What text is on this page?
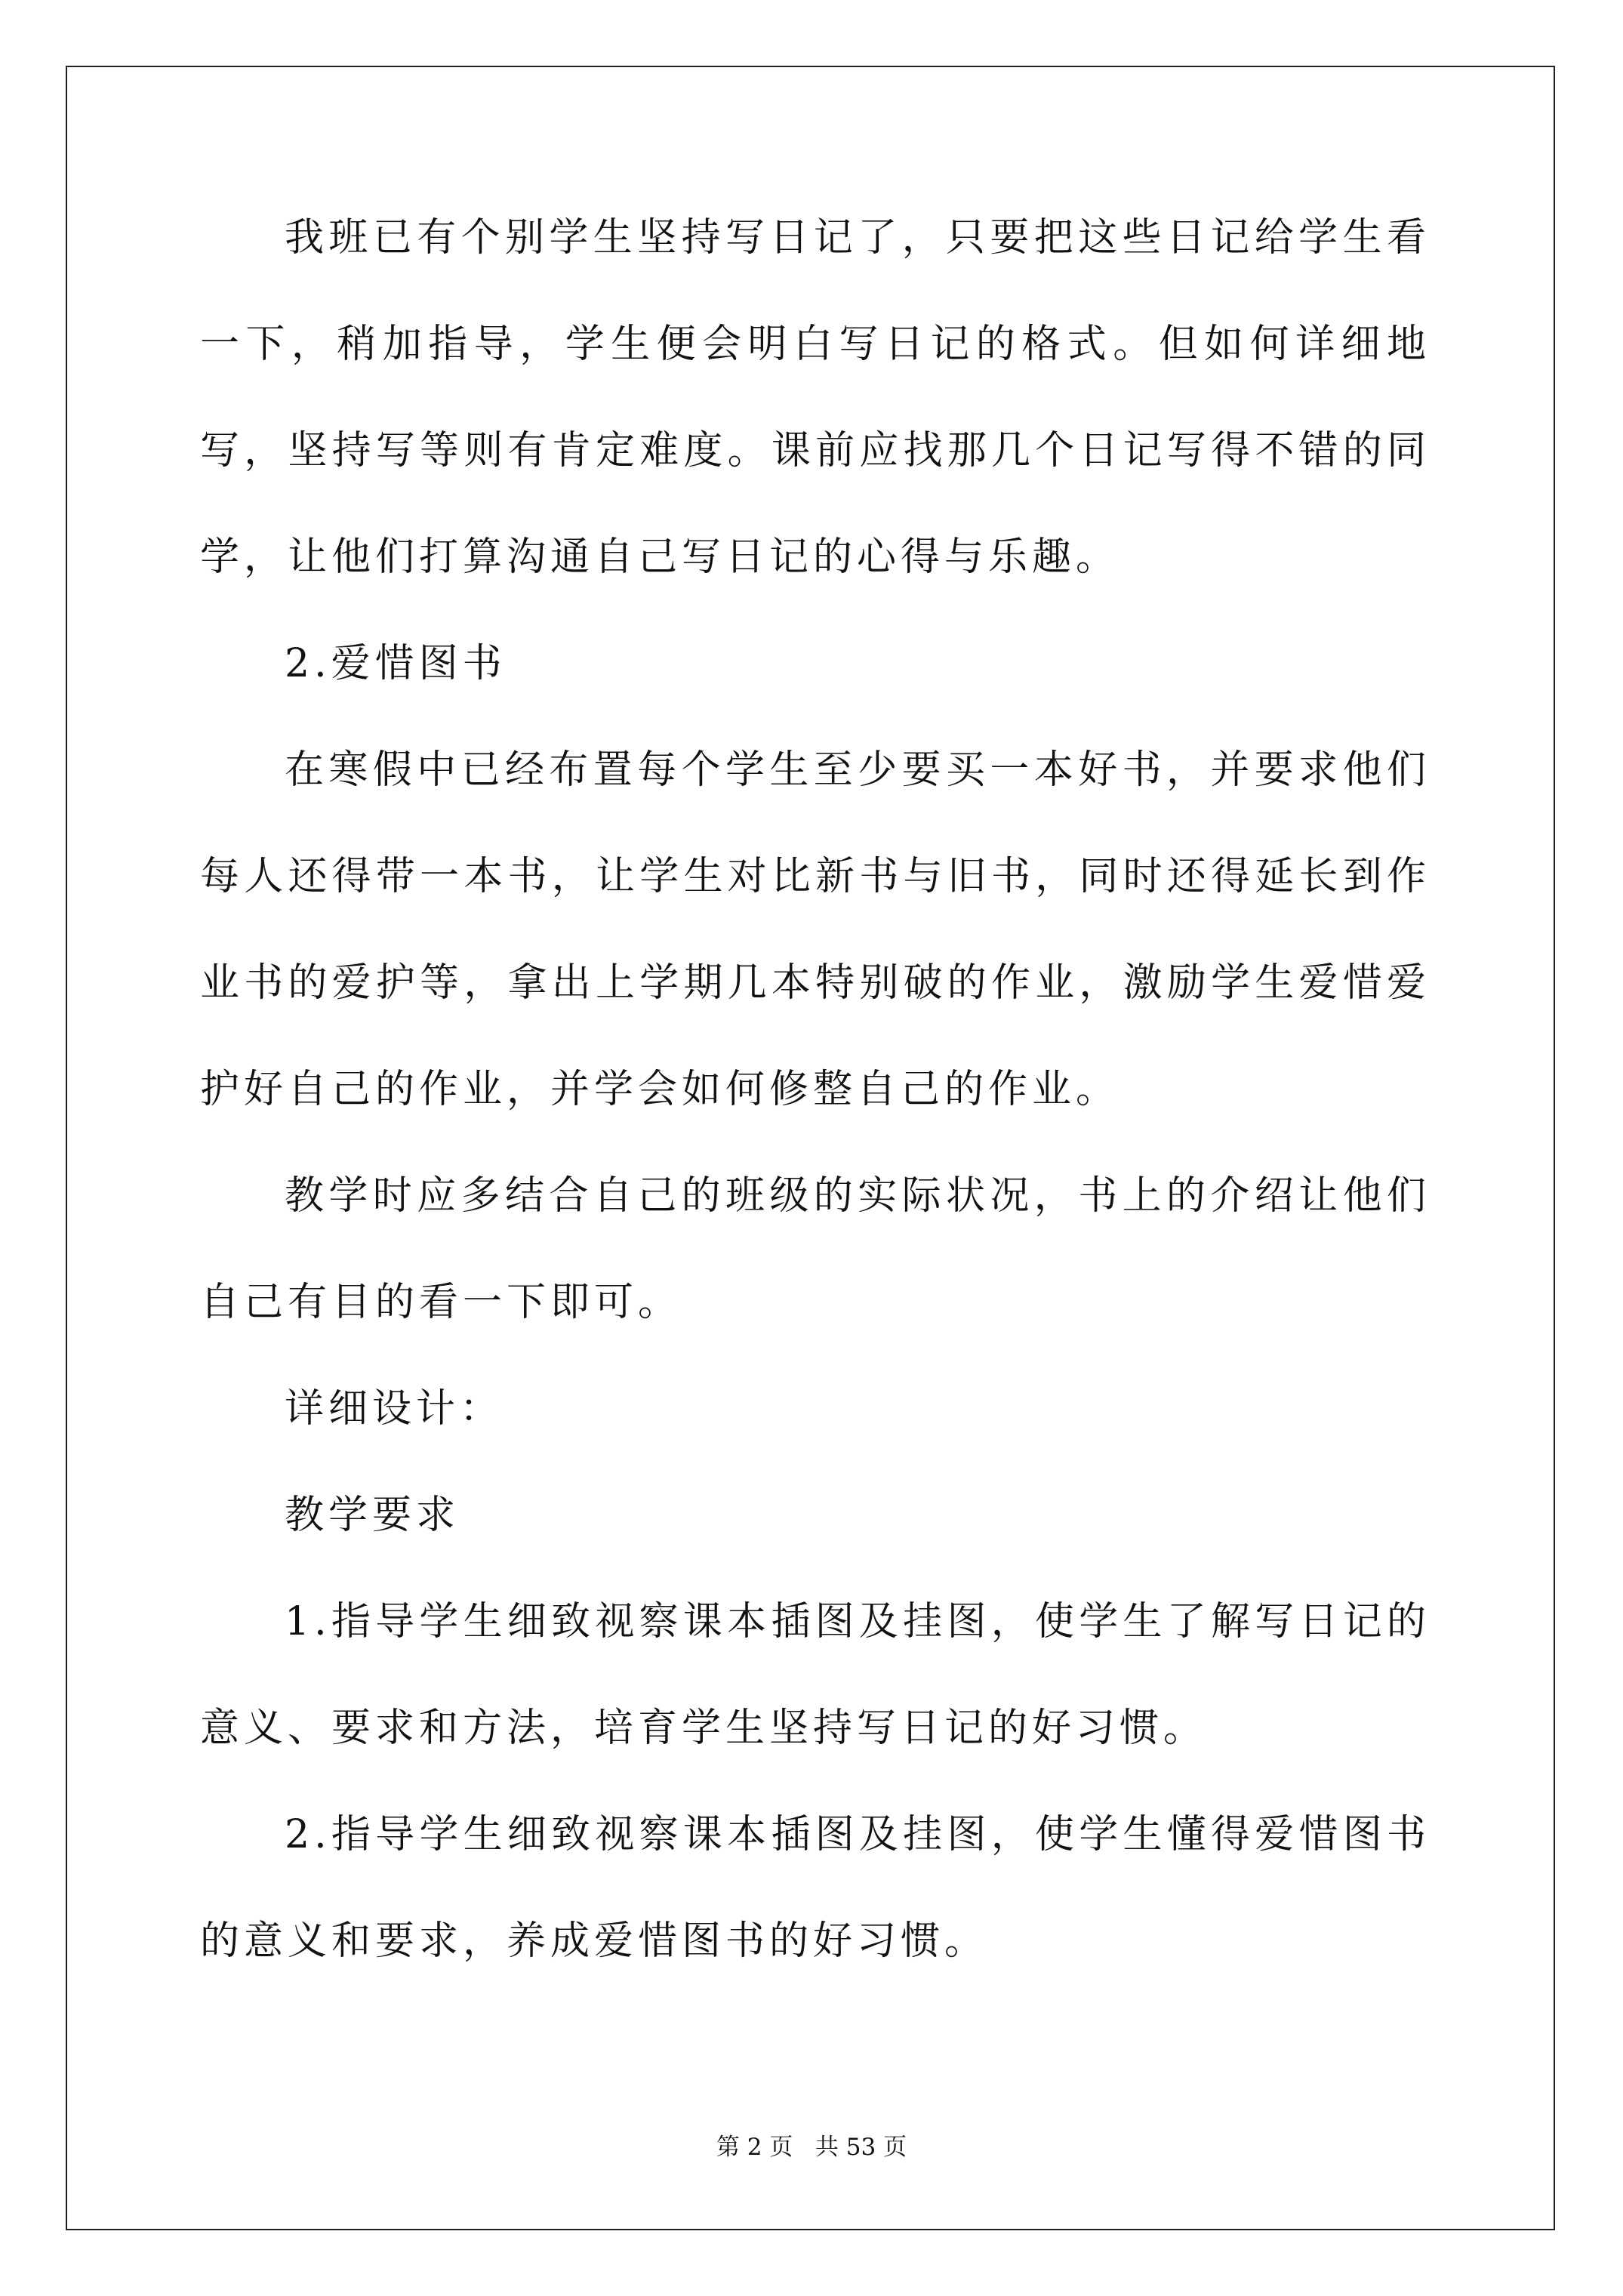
我班已有个别学生坚持写日记了，只要把这些日记给学生看一下，稍加指导，学生便会明白写日记的格式。但如何详细地写，坚持写等则有肯定难度。课前应找那几个日记写得不错的同学，让他们打算沟通自己写日记的心得与乐趣。

2.爱惜图书

在寒假中已经布置每个学生至少要买一本好书，并要求他们每人还得带一本书，让学生对比新书与旧书，同时还得延长到作业书的爱护等，拿出上学期几本特别破的作业，激励学生爱惜爱护好自己的作业，并学会如何修整自己的作业。

教学时应多结合自己的班级的实际状况，书上的介绍让他们自己有目的看一下即可。

详细设计：

教学要求

1.指导学生细致视察课本插图及挂图，使学生了解写日记的意义、要求和方法，培育学生坚持写日记的好习惯。

2.指导学生细致视察课本插图及挂图，使学生懂得爱惜图书的意义和要求，养成爱惜图书的好习惯。

第 2 页   共 53 页
